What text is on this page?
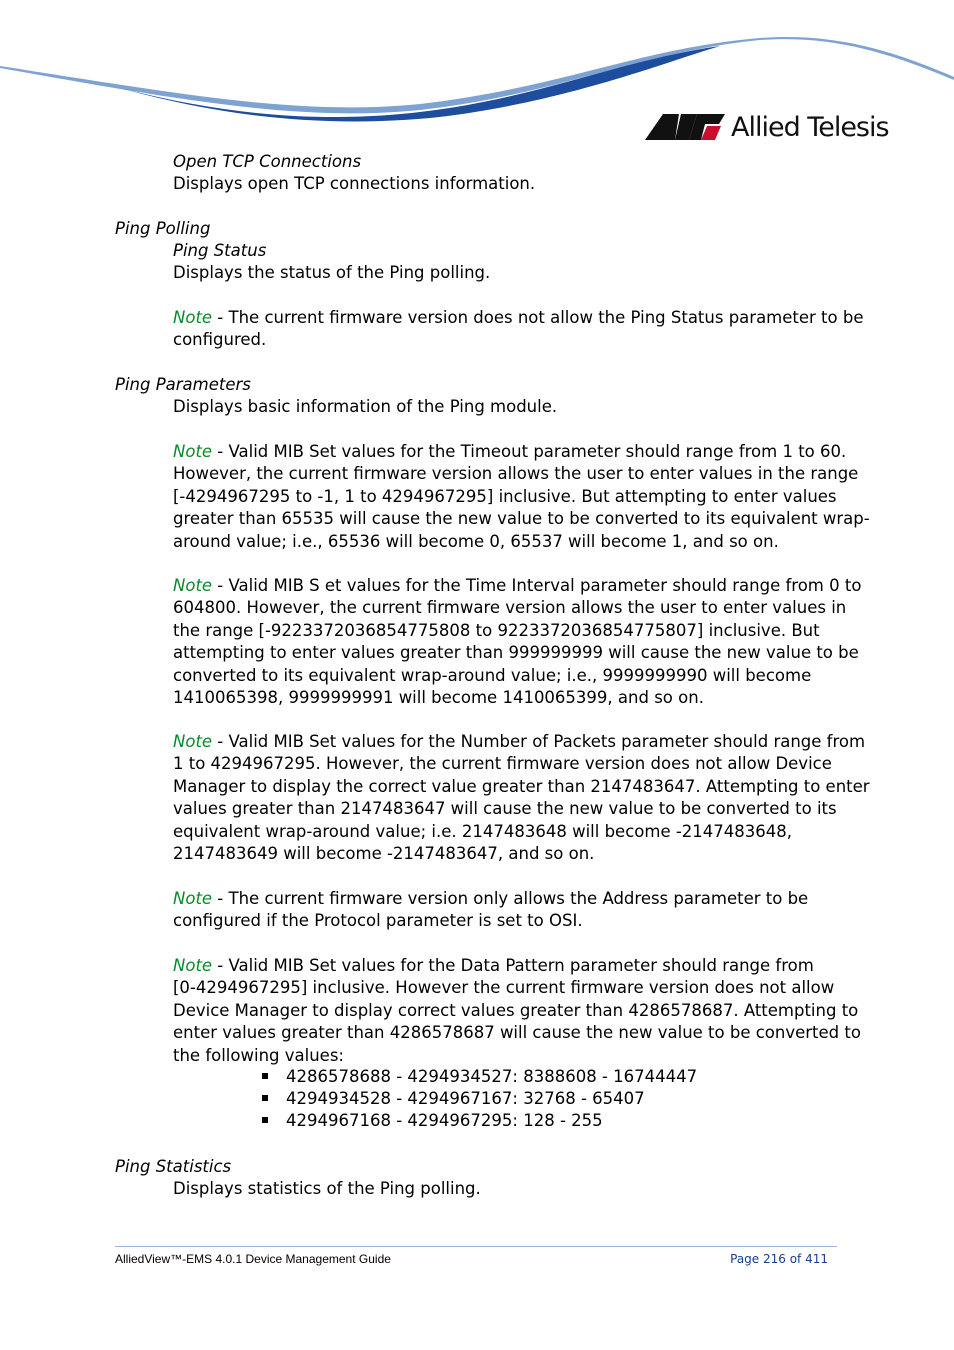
Allied Telesis
Open TCP Connections
Displays open TCP connections information.
Ping Polling
Ping Status
Displays the status of the Ping polling.
Note - The current firmware version does not allow the Ping Status parameter to be
configured.
Ping Parameters
Displays basic information of the Ping module.
Note - Valid MIB Set values for the Timeout parameter should range from 1 to 60.
However, the current firmware version allows the user to enter values in the range
[-4294967295 to -1, 1 to 4294967295] inclusive. But attempting to enter values
greater than 65535 will cause the new value to be converted to its equivalent wrap-
around value; i.e., 65536 will become 0, 65537 will become 1, and so on.
Note - Valid MIB S et values for the Time Interval parameter should range from 0 to
604800. However, the current firmware version allows the user to enter values in
the range [-9223372036854775808 to 9223372036854775807] inclusive. But
attempting to enter values greater than 999999999 will cause the new value to be
converted to its equivalent wrap-around value; i.e., 9999999990 will become
1410065398, 9999999991 will become 1410065399, and so on.
Note - Valid MIB Set values for the Number of Packets parameter should range from
1 to 4294967295. However, the current firmware version does not allow Device
Manager to display the correct value greater than 2147483647. Attempting to enter
values greater than 2147483647 will cause the new value to be converted to its
equivalent wrap-around value; i.e. 2147483648 will become -2147483648,
2147483649 will become -2147483647, and so on.
Note - The current firmware version only allows the Address parameter to be
configured if the Protocol parameter is set to OSI.
Note - Valid MIB Set values for the Data Pattern parameter should range from
[0-4294967295] inclusive. However the current firmware version does not allow
Device Manager to display correct values greater than 4286578687. Attempting to
enter values greater than 4286578687 will cause the new value to be converted to
the following values:
4286578688 - 4294934527: 8388608 - 16744447
4294934528 - 4294967167: 32768 - 65407
4294967168 - 4294967295: 128 - 255
Ping Statistics
Displays statistics of the Ping polling.
AlliedView™-EMS 4.0.1 Device Management Guide	Page 216 of 411
